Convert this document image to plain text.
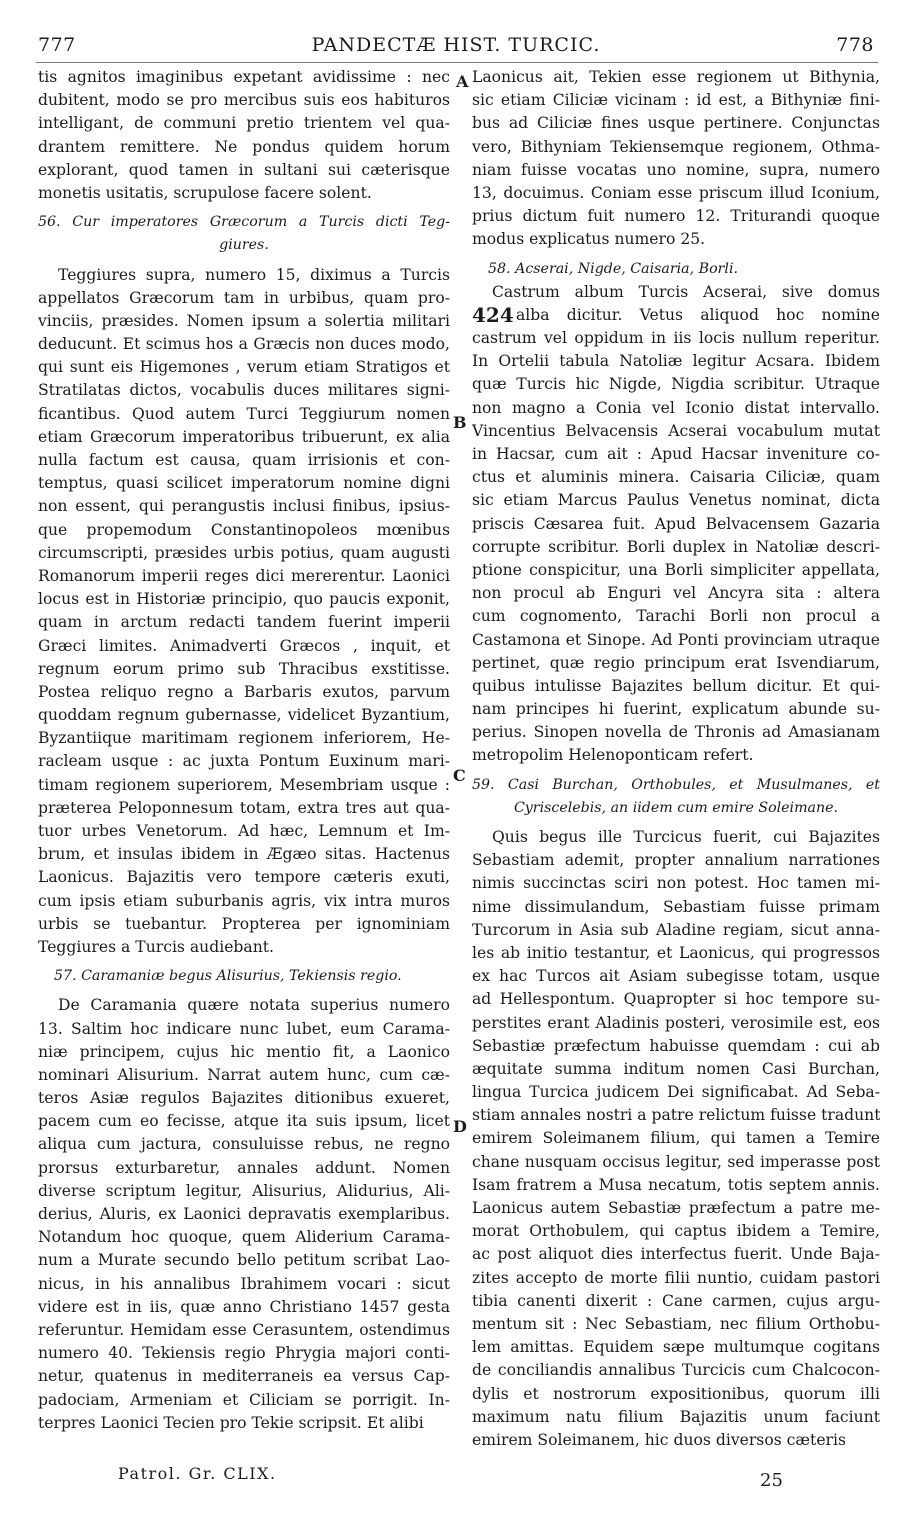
777	PANDECTÆ HIST. TURCIC.	778
tis agnitos imaginibus expetant avidissime : nec
dubitent, modo se pro mercibus suis eos habituros
intelligant, de communi pretio trientem vel qua-
drantem remittere. Ne pondus quidem horum
explorant, quod tamen in sultani sui cæterisque
monetis usitatis, scrupulose facere solent.
56. Cur imperatores Græcorum a Turcis dicti Teg-
giures.
Teggiures supra, numero 15, diximus a Turcis
appellatos Græcorum tam in urbibus, quam pro-
vinciis, præsides. Nomen ipsum a solertia militari
deducunt. Et scimus hos a Græcis non duces modo,
qui sunt eis Higemones , verum etiam Stratigos et
Stratilatas dictos, vocabulis duces militares signi-
ficantibus. Quod autem Turci Teggiurum nomen
etiam Græcorum imperatoribus tribuerunt, ex alia
nulla factum est causa, quam irrisionis et con-
temptus, quasi scilicet imperatorum nomine digni
non essent, qui perangustis inclusi finibus, ipsius-
que propemodum Constantinopoleos mœnibus
circumscripti, præsides urbis potius, quam augusti
Romanorum imperii reges dici mererentur. Laonici
locus est in Historiæ principio, quo paucis exponit,
quam in arctum redacti tandem fuerint imperii
Græci limites. Animadverti Græcos , inquit, et
regnum eorum primo sub Thracibus exstitisse.
Postea reliquo regno a Barbaris exutos, parvum
quoddam regnum gubernasse, videlicet Byzantium,
Byzantiique maritimam regionem inferiorem, He-
racleam usque : ac juxta Pontum Euxinum mari-
timam regionem superiorem, Mesembriam usque :
præterea Peloponnesum totam, extra tres aut qua-
tuor urbes Venetorum. Ad hæc, Lemnum et Im-
brum, et insulas ibidem in Ægæo sitas. Hactenus
Laonicus. Bajazitis vero tempore cæteris exuti,
cum ipsis etiam suburbanis agris, vix intra muros
urbis se tuebantur. Propterea per ignominiam
Teggiures a Turcis audiebant.
57. Caramaniæ begus Alisurius, Tekiensis regio.
De Caramania quære notata superius numero
13. Saltim hoc indicare nunc lubet, eum Carama-
niæ principem, cujus hic mentio fit, a Laonico
nominari Alisurium. Narrat autem hunc, cum cæ-
teros Asiæ regulos Bajazites ditionibus exueret,
pacem cum eo fecisse, atque ita suis ipsum, licet
aliqua cum jactura, consuluisse rebus, ne regno
prorsus exturbaretur, annales addunt. Nomen
diverse scriptum legitur, Alisurius, Alidurius, Ali-
derius, Aluris, ex Laonici depravatis exemplaribus.
Notandum hoc quoque, quem Aliderium Carama-
num a Murate secundo bello petitum scribat Lao-
nicus, in his annalibus Ibrahimem vocari : sicut
videre est in iis, quæ anno Christiano 1457 gesta
referuntur. Hemidam esse Cerasuntem, ostendimus
numero 40. Tekiensis regio Phrygia majori conti-
netur, quatenus in mediterraneis ea versus Cap-
padociam, Armeniam et Ciliciam se porrigit. In-
terpres Laonici Tecien pro Tekie scripsit. Et alibi
Laonicus ait, Tekien esse regionem ut Bithynia,
sic etiam Ciliciæ vicinam : id est, a Bithyniæ fini-
bus ad Ciliciæ fines usque pertinere. Conjunctas
vero, Bithyniam Tekiensemque regionem, Othma-
niam fuisse vocatas uno nomine, supra, numero
13, docuimus. Coniam esse priscum illud Iconium,
prius dictum fuit numero 12. Triturandi quoque
modus explicatus numero 25.
58. Acserai, Nigde, Caisaria, Borli.
Castrum album Turcis Acserai, sive domus
alba dicitur. Vetus aliquod hoc nomine
424
castrum vel oppidum in iis locis nullum reperitur.
In Ortelii tabula Natoliæ legitur Acsara. Ibidem
quæ Turcis hic Nigde, Nigdia scribitur. Utraque
non magno a Conia vel Iconio distat intervallo.
Vincentius Belvacensis Acserai vocabulum mutat
in Hacsar, cum ait : Apud Hacsar inveniture co-
ctus et aluminis minera. Caisaria Ciliciæ, quam
sic etiam Marcus Paulus Venetus nominat, dicta
priscis Cæsarea fuit. Apud Belvacensem Gazaria
corrupte scribitur. Borli duplex in Natoliæ descri-
ptione conspicitur, una Borli simpliciter appellata,
non procul ab Enguri vel Ancyra sita : altera
cum cognomento, Tarachi Borli non procul a
Castamona et Sinope. Ad Ponti provinciam utraque
pertinet, quæ regio principum erat Isvendiarum,
quibus intulisse Bajazites bellum dicitur. Et qui-
nam principes hi fuerint, explicatum abunde su-
perius. Sinopen novella de Thronis ad Amasianam
metropolim Helenoponticam refert.
59. Casi Burchan, Orthobules, et Musulmanes, et
Cyriscelebis, an iidem cum emire Soleimane.
Quis begus ille Turcicus fuerit, cui Bajazites
Sebastiam ademit, propter annalium narrationes
nimis succinctas sciri non potest. Hoc tamen mi-
nime dissimulandum, Sebastiam fuisse primam
Turcorum in Asia sub Aladine regiam, sicut anna-
les ab initio testantur, et Laonicus, qui progressos
ex hac Turcos ait Asiam subegisse totam, usque
ad Hellespontum. Quapropter si hoc tempore su-
perstites erant Aladinis posteri, verosimile est, eos
Sebastiæ præfectum habuisse quemdam : cui ab
æquitate summa inditum nomen Casi Burchan,
lingua Turcica judicem Dei significabat. Ad Seba-
stiam annales nostri a patre relictum fuisse tradunt
emirem Soleimanem filium, qui tamen a Temire
chane nusquam occisus legitur, sed imperasse post
Isam fratrem a Musa necatum, totis septem annis.
Laonicus autem Sebastiæ præfectum a patre me-
morat Orthobulem, qui captus ibidem a Temire,
ac post aliquot dies interfectus fuerit. Unde Baja-
zites accepto de morte filii nuntio, cuidam pastori
tibia canenti dixerit : Cane carmen, cujus argu-
mentum sit : Nec Sebastiam, nec filium Orthobu-
lem amittas. Equidem sæpe multumque cogitans
de conciliandis annalibus Turcicis cum Chalcocon-
dylis et nostrorum expositionibus, quorum illi
maximum natu filium Bajazitis unum faciunt
emirem Soleimanem, hic duos diversos cæteris
A
B
C
D
Patrol. Gr. CLIX.	25
